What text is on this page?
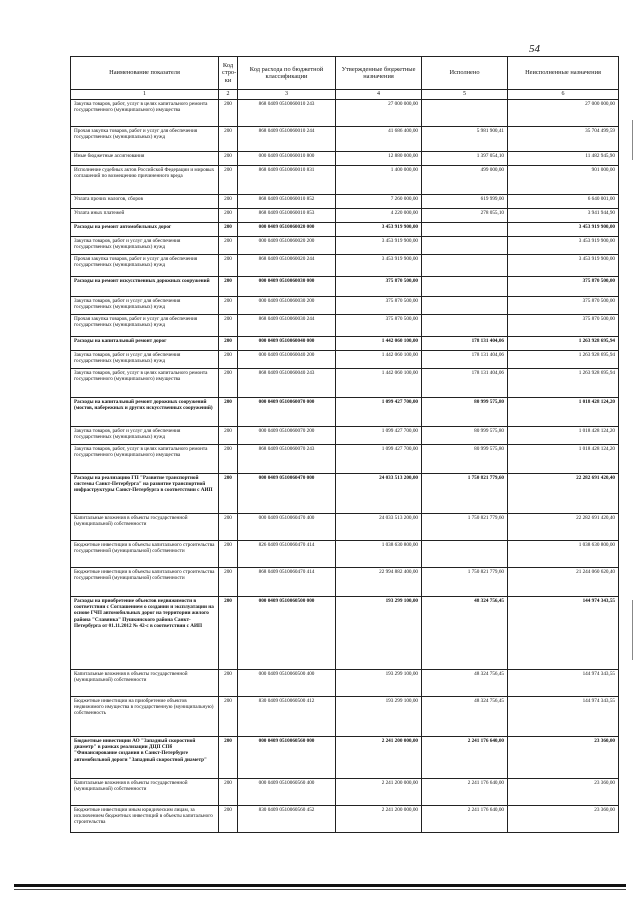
54
Наименование показателя	Код стро-ки	Код расхода по бюджетной классификации	Утвержденные бюджетные назначения	Исполнено	Неисполненные назначения
1	2	3	4	5	6
Закупка товаров, работ, услуг в целях капитального ремонта государственного (муниципального) имущества	200	868 0409 0510060010 243	27 000 000,00		27 000 000,00
Прочая закупка товаров, работ и услуг для обеспечения государственных (муниципальных) нужд	200	868 0409 0510060010 244	41 686 400,00	5 981 900,41	35 704 499,59
Иные бюджетные ассигнования	200	000 0409 0510060010 800	12 880 000,00	1 397 054,10	11 482 945,90
Исполнение судебных актов Российской Федерации и мировых соглашений по возмещению причиненного вреда	200	868 0409 0510060010 831	1 400 000,00	499 000,00	901 000,00
Уплата прочих налогов, сборов	200	868 0409 0510060010 852	7 260 000,00	619 999,00	6 640 001,00
Уплата иных платежей	200	868 0409 0510060010 853	4 220 000,00	278 055,10	3 941 944,90
Расходы на ремонт автомобильных дорог	200	000 0409 0510060020 000	3 453 919 900,00		3 453 919 900,00
Закупка товаров, работ и услуг для обеспечения государственных (муниципальных) нужд	200	000 0409 0510060020 200	3 453 919 900,00		3 453 919 900,00
Прочая закупка товаров, работ и услуг для обеспечения государственных (муниципальных) нужд	200	868 0409 0510060020 244	3 453 919 900,00		3 453 919 900,00
Расходы на ремонт искусственных дорожных сооружений	200	000 0409 0510060030 000	375 870 500,00		375 870 500,00
Закупка товаров, работ и услуг для обеспечения государственных (муниципальных) нужд	200	000 0409 0510060030 200	375 870 500,00		375 870 500,00
Прочая закупка товаров, работ и услуг для обеспечения государственных (муниципальных) нужд	200	868 0409 0510060030 244	375 870 500,00		375 870 500,00
Расходы на капитальный ремонт дорог	200	000 0409 0510060040 000	1 442 060 100,00	178 131 404,06	1 263 928 695,94
Закупка товаров, работ и услуг для обеспечения государственных (муниципальных) нужд	200	000 0409 0510060040 200	1 442 060 100,00	178 131 404,06	1 263 928 695,94
Закупка товаров, работ, услуг в целях капитального ремонта государственного (муниципального) имущества	200	868 0409 0510060040 243	1 442 060 100,00	178 131 404,06	1 263 928 695,94
Расходы на капитальный ремонт дорожных сооружений (мостов, набережных и других искусственных сооружений)	200	000 0409 0510060070 000	1 099 427 700,00	80 999 575,80	1 018 428 124,20
Закупка товаров, работ и услуг для обеспечения государственных (муниципальных) нужд	200	000 0409 0510060070 200	1 099 427 700,00	80 999 575,80	1 018 428 124,20
Закупка товаров, работ, услуг в целях капитального ремонта государственного (муниципального) имущества	200	868 0409 0510060070 243	1 099 427 700,00	80 999 575,80	1 018 428 124,20
Расходы на реализацию ГП "Развитие транспортной системы Санкт-Петербурга" на развитие транспортной инфраструктуры Санкт-Петербурга в соответствии с АИП	200	000 0409 0510060470 000	24 033 513 200,00	1 750 821 779,60	22 282 691 420,40
Капитальные вложения в объекты государственной (муниципальной) собственности	200	000 0409 0510060470 400	24 033 513 200,00	1 750 821 779,60	22 282 691 420,40
Бюджетные инвестиции в объекты капитального строительства государственной (муниципальной) собственности	200	826 0409 0510060470 414	1 038 630 800,00		1 038 630 800,00
Бюджетные инвестиции в объекты капитального строительства государственной (муниципальной) собственности	200	868 0409 0510060470 414	22 994 882 400,00	1 750 821 779,60	21 244 060 620,40
Расходы на приобретение объектов недвижимости в соответствии с Соглашением о создании и эксплуатации на основе ГЧП автомобильных дорог на территории жилого района "Славянка" Пушкинского района Санкт-Петербурга от 01.11.2012 № 42-с в соответствии с АИП	200	000 0409 0510060500 000	193 299 100,00	48 324 756,45	144 974 343,55
Капитальные вложения в объекты государственной (муниципальной) собственности	200	000 0409 0510060500 400	193 299 100,00	48 324 756,45	144 974 343,55
Бюджетные инвестиции на приобретение объектов недвижимого имущества в государственную (муниципальную) собственность	200	830 0409 0510060500 412	193 299 100,00	48 324 756,45	144 974 343,55
Бюджетные инвестиции АО "Западный скоростной диаметр" в рамках реализации ДЦП СПб "Финансирование создания в Санкт-Петербурге автомобильной дороги "Западный скоростной диаметр"	200	000 0409 0510060560 000	2 241 200 000,00	2 241 176 640,00	23 360,00
Капитальные вложения в объекты государственной (муниципальной) собственности	200	000 0409 0510060560 400	2 241 200 000,00	2 241 176 640,00	23 360,00
Бюджетные инвестиции иным юридическим лицам, за исключением бюджетных инвестиций в объекты капитального строительства	200	830 0409 0510060560 452	2 241 200 000,00	2 241 176 640,00	23 360,00
